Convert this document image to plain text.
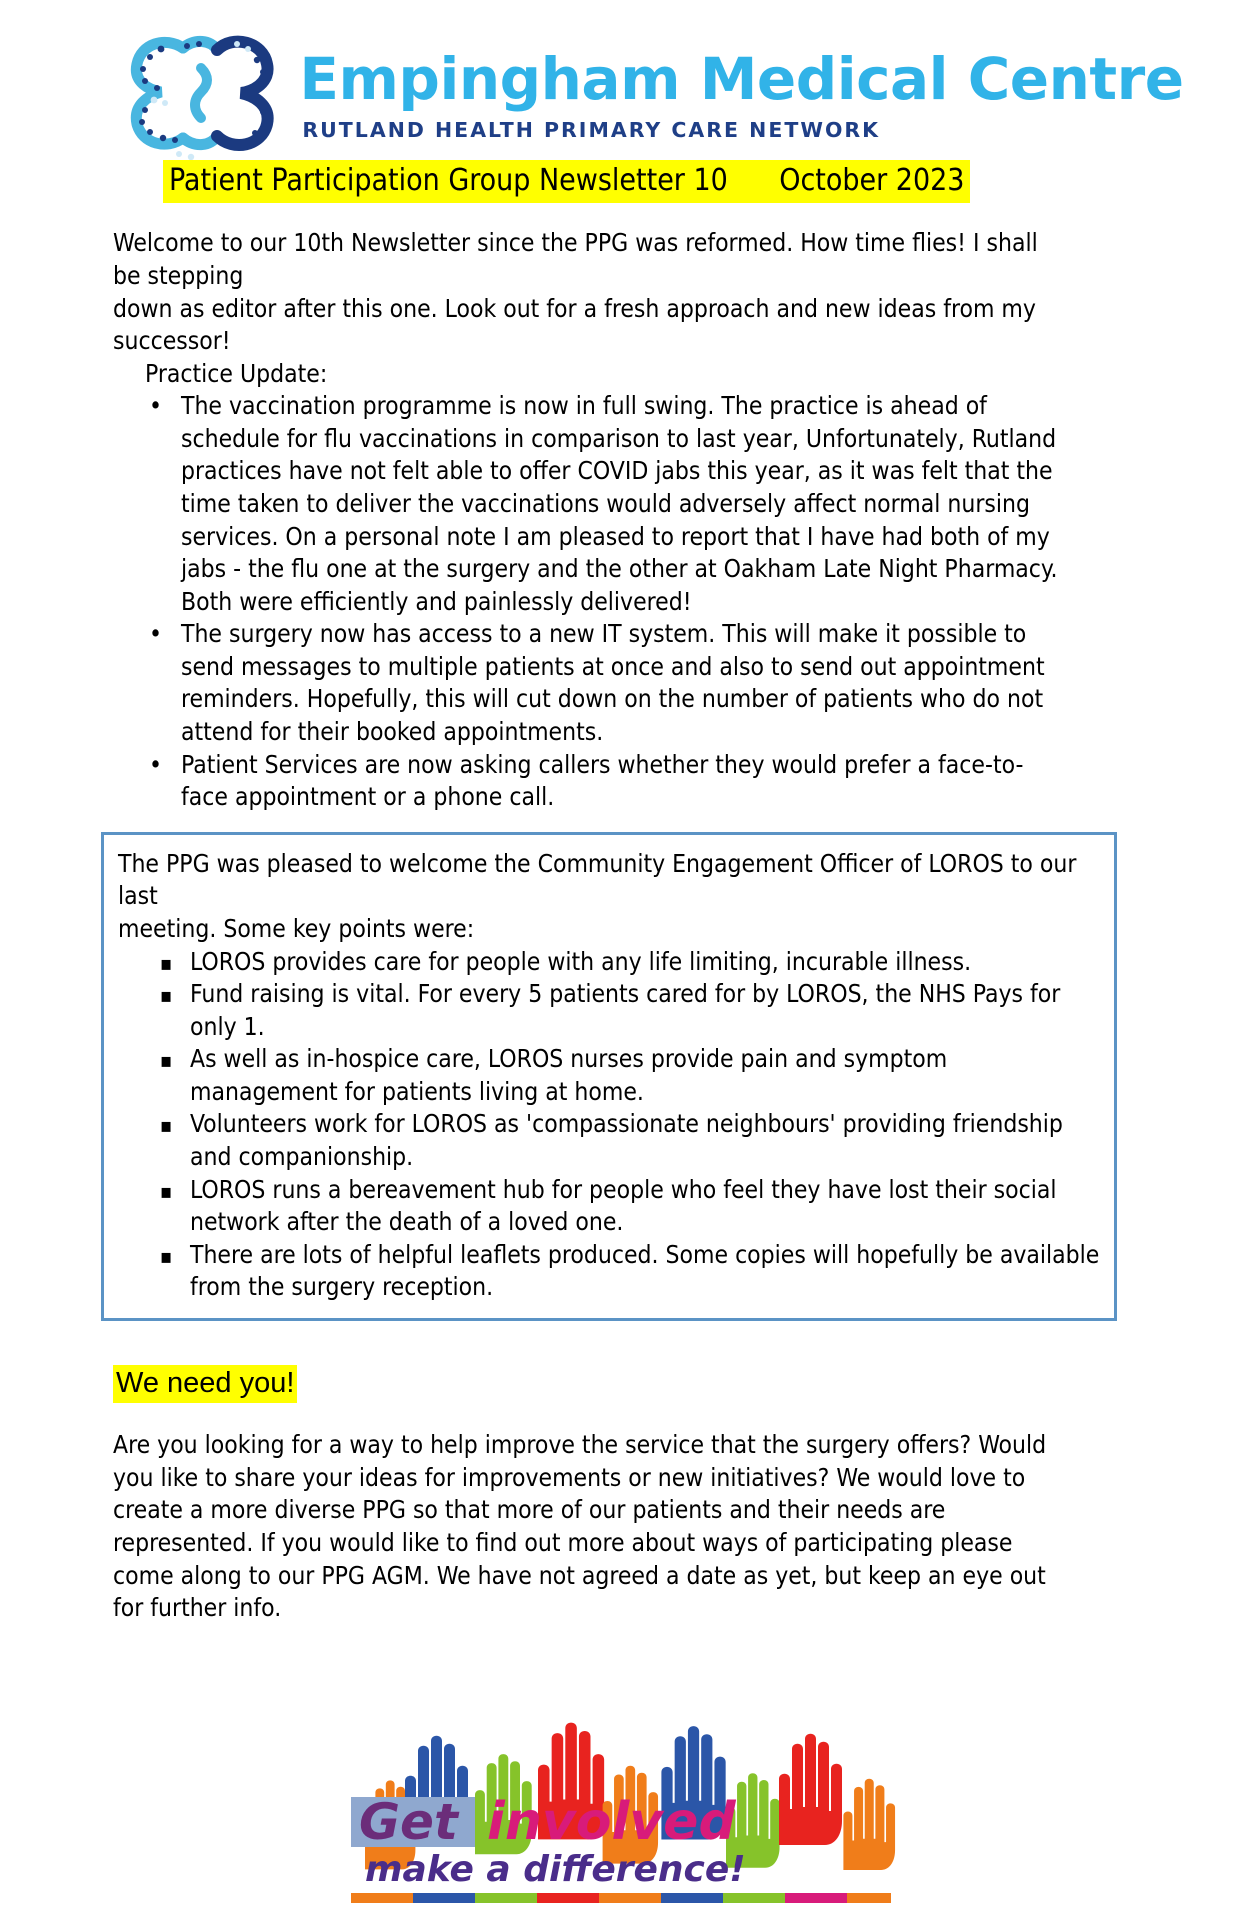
Empingham Medical Centre
RUTLAND HEALTH PRIMARY CARE NETWORK
Patient Participation Group Newsletter 10      October 2023

Welcome to our 10th Newsletter since the PPG was reformed. How time flies! I shall be stepping

down as editor after this one. Look out for a fresh approach and new ideas from my successor!

Practice Update:

•
The vaccination programme is now in full swing. The practice is ahead of schedule for flu vaccinations in comparison to last year, Unfortunately, Rutland practices have not felt able to offer COVID jabs this year, as it was felt that the time taken to deliver the vaccinations would adversely affect normal nursing services. On a personal note I am pleased to report that I have had both of my jabs - the flu one at the surgery and the other at Oakham Late Night Pharmacy. Both were efficiently and painlessly delivered!
•
The surgery now has access to a new IT system. This will make it possible to send messages to multiple patients at once and also to send out appointment reminders. Hopefully, this will cut down on the number of patients who do not attend for their booked appointments.
•
Patient Services are now asking callers whether they would prefer a face-to-face appointment or a phone call.

The PPG was pleased to welcome the Community Engagement Officer of LOROS to our last

meeting. Some key points were:

▪
LOROS provides care for people with any life limiting, incurable illness.
▪
Fund raising is vital. For every 5 patients cared for by LOROS, the NHS Pays for only 1.
▪
As well as in-hospice care, LOROS nurses provide pain and symptom management for patients living at home.
▪
Volunteers work for LOROS as 'compassionate neighbours' providing friendship and companionship.
▪
LOROS runs a bereavement hub for people who feel they have lost their social network after the death of a loved one.
▪
There are lots of helpful leaflets produced. Some copies will hopefully be available from the surgery reception.
We need you!

Are you looking for a way to help improve the service that the surgery offers? Would you like to share your ideas for improvements or new initiatives? We would love to create a more diverse PPG so that more of our patients and their needs are represented. If you would like to find out more about ways of participating please come along to our PPG AGM. We have not agreed a date as yet, but keep an eye out for further info.

Get involved
make a difference!
